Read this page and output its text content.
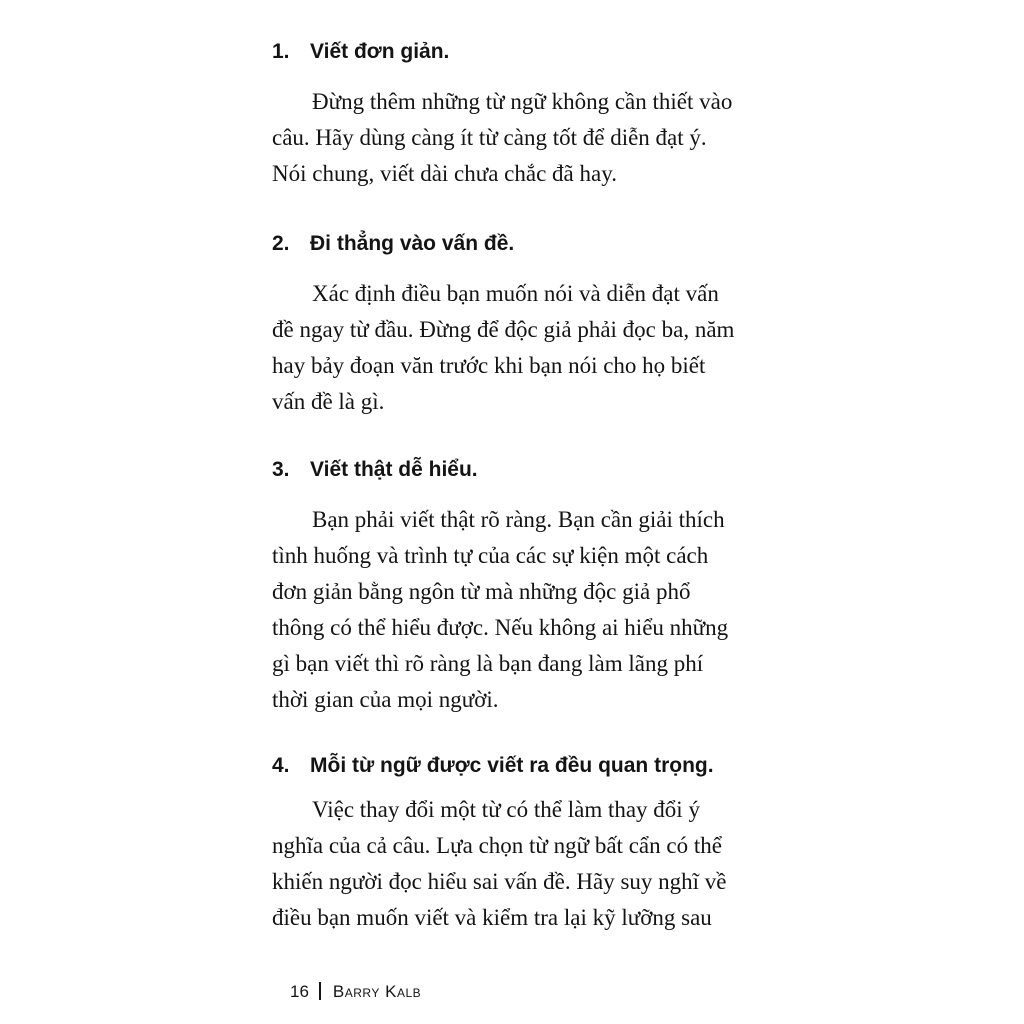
1. Viết đơn giản.

Đừng thêm những từ ngữ không cần thiết vào
câu. Hãy dùng càng ít từ càng tốt để diễn đạt ý.
Nói chung, viết dài chưa chắc đã hay.

2. Đi thẳng vào vấn đề.

Xác định điều bạn muốn nói và diễn đạt vấn
đề ngay từ đầu. Đừng để độc giả phải đọc ba, năm
hay bảy đoạn văn trước khi bạn nói cho họ biết
vấn đề là gì.

3. Viết thật dễ hiểu.

Bạn phải viết thật rõ ràng. Bạn cần giải thích
tình huống và trình tự của các sự kiện một cách
đơn giản bằng ngôn từ mà những độc giả phổ
thông có thể hiểu được. Nếu không ai hiểu những
gì bạn viết thì rõ ràng là bạn đang làm lãng phí
thời gian của mọi người.

4. Mỗi từ ngữ được viết ra đều quan trọng.

Việc thay đổi một từ có thể làm thay đổi ý
nghĩa của cả câu. Lựa chọn từ ngữ bất cẩn có thể
khiến người đọc hiểu sai vấn đề. Hãy suy nghĩ về
điều bạn muốn viết và kiểm tra lại kỹ lưỡng sau

16 Barry Kalb
